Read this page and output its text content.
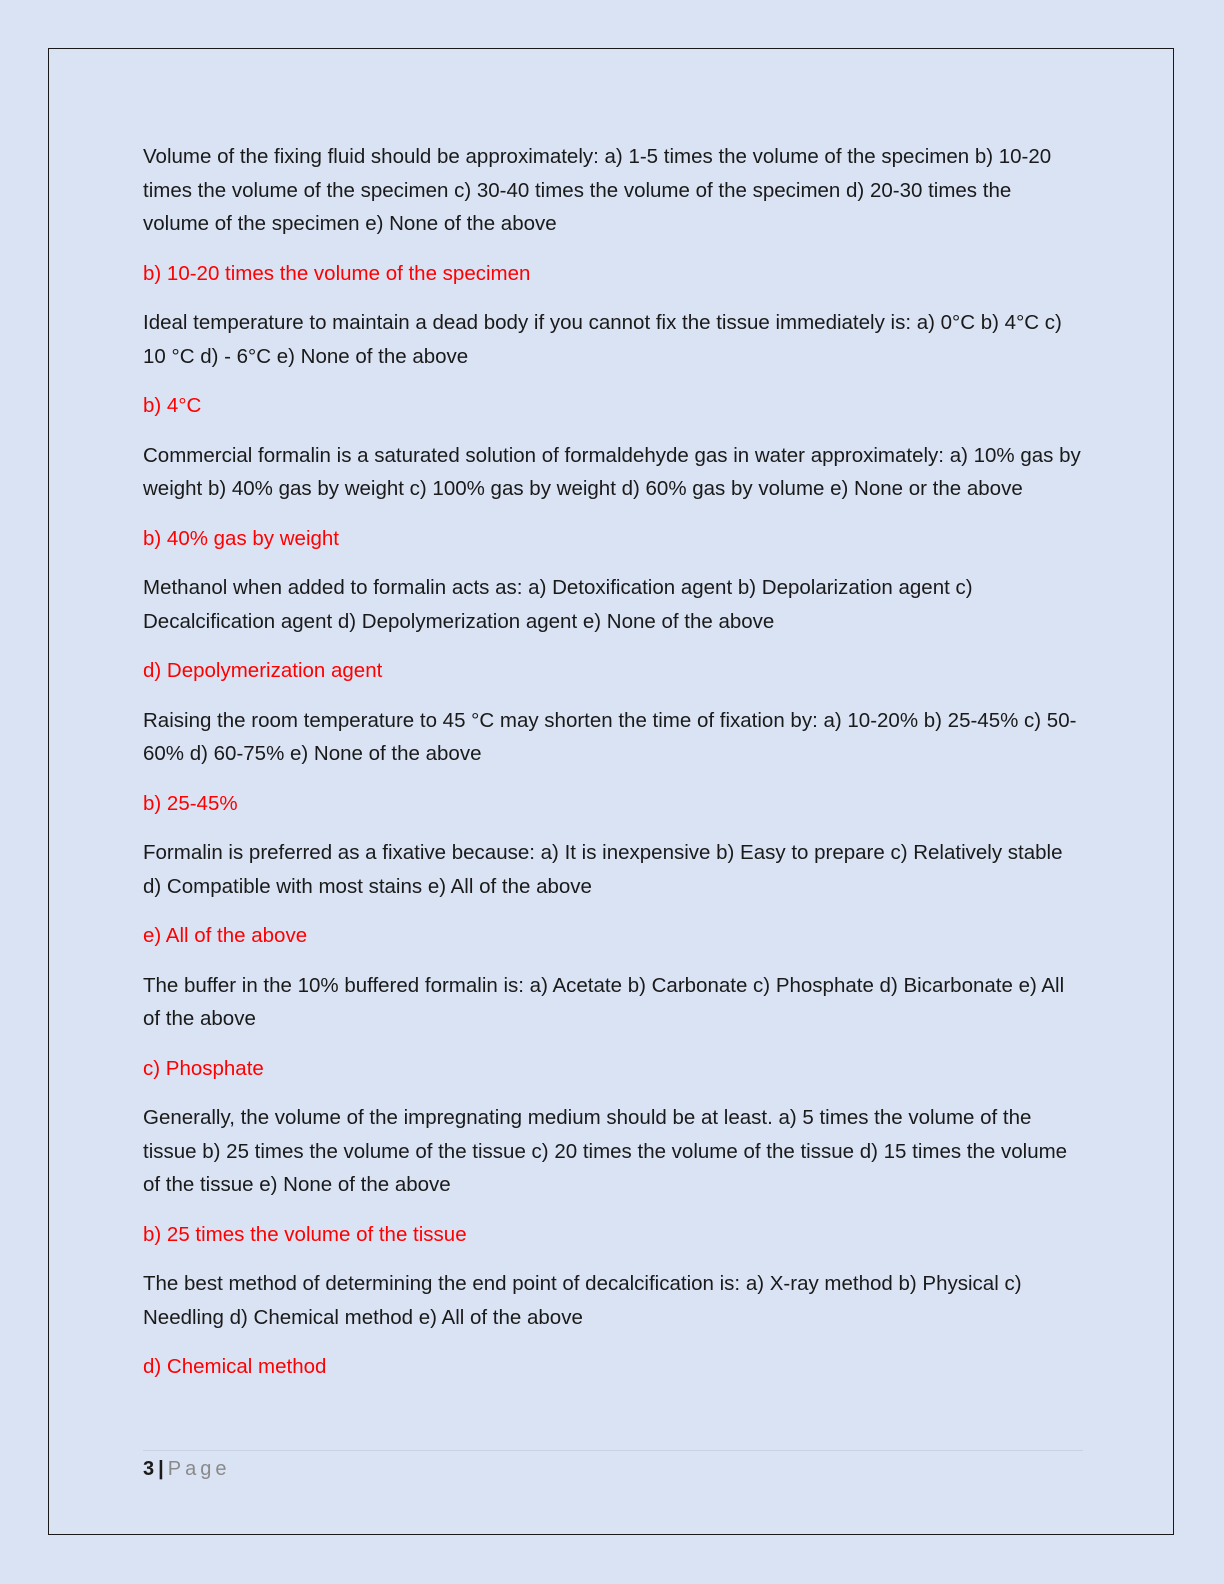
Volume of the fixing fluid should be approximately: a) 1-5 times the volume of the specimen b) 10-20 times the volume of the specimen c) 30-40 times the volume of the specimen d) 20-30 times the volume of the specimen e) None of the above

b) 10-20 times the volume of the specimen

Ideal temperature to maintain a dead body if you cannot fix the tissue immediately is: a) 0°C b) 4°C c) 10 °C d) - 6°C e) None of the above

b) 4°C

Commercial formalin is a saturated solution of formaldehyde gas in water approximately: a) 10% gas by weight b) 40% gas by weight c) 100% gas by weight d) 60% gas by volume e) None or the above

b) 40% gas by weight

Methanol when added to formalin acts as: a) Detoxification agent b) Depolarization agent c) Decalcification agent d) Depolymerization agent e) None of the above

d) Depolymerization agent

Raising the room temperature to 45 °C may shorten the time of fixation by: a) 10-20% b) 25-45% c) 50-60% d) 60-75% e) None of the above

b) 25-45%

Formalin is preferred as a fixative because: a) It is inexpensive b) Easy to prepare c) Relatively stable d) Compatible with most stains e) All of the above

e) All of the above

The buffer in the 10% buffered formalin is: a) Acetate b) Carbonate c) Phosphate d) Bicarbonate e) All of the above

c) Phosphate

Generally, the volume of the impregnating medium should be at least. a) 5 times the volume of the tissue b) 25 times the volume of the tissue c) 20 times the volume of the tissue d) 15 times the volume of the tissue e) None of the above

b) 25 times the volume of the tissue

The best method of determining the end point of decalcification is: a) X-ray method b) Physical c) Needling d) Chemical method e) All of the above

d) Chemical method

3 | Page
